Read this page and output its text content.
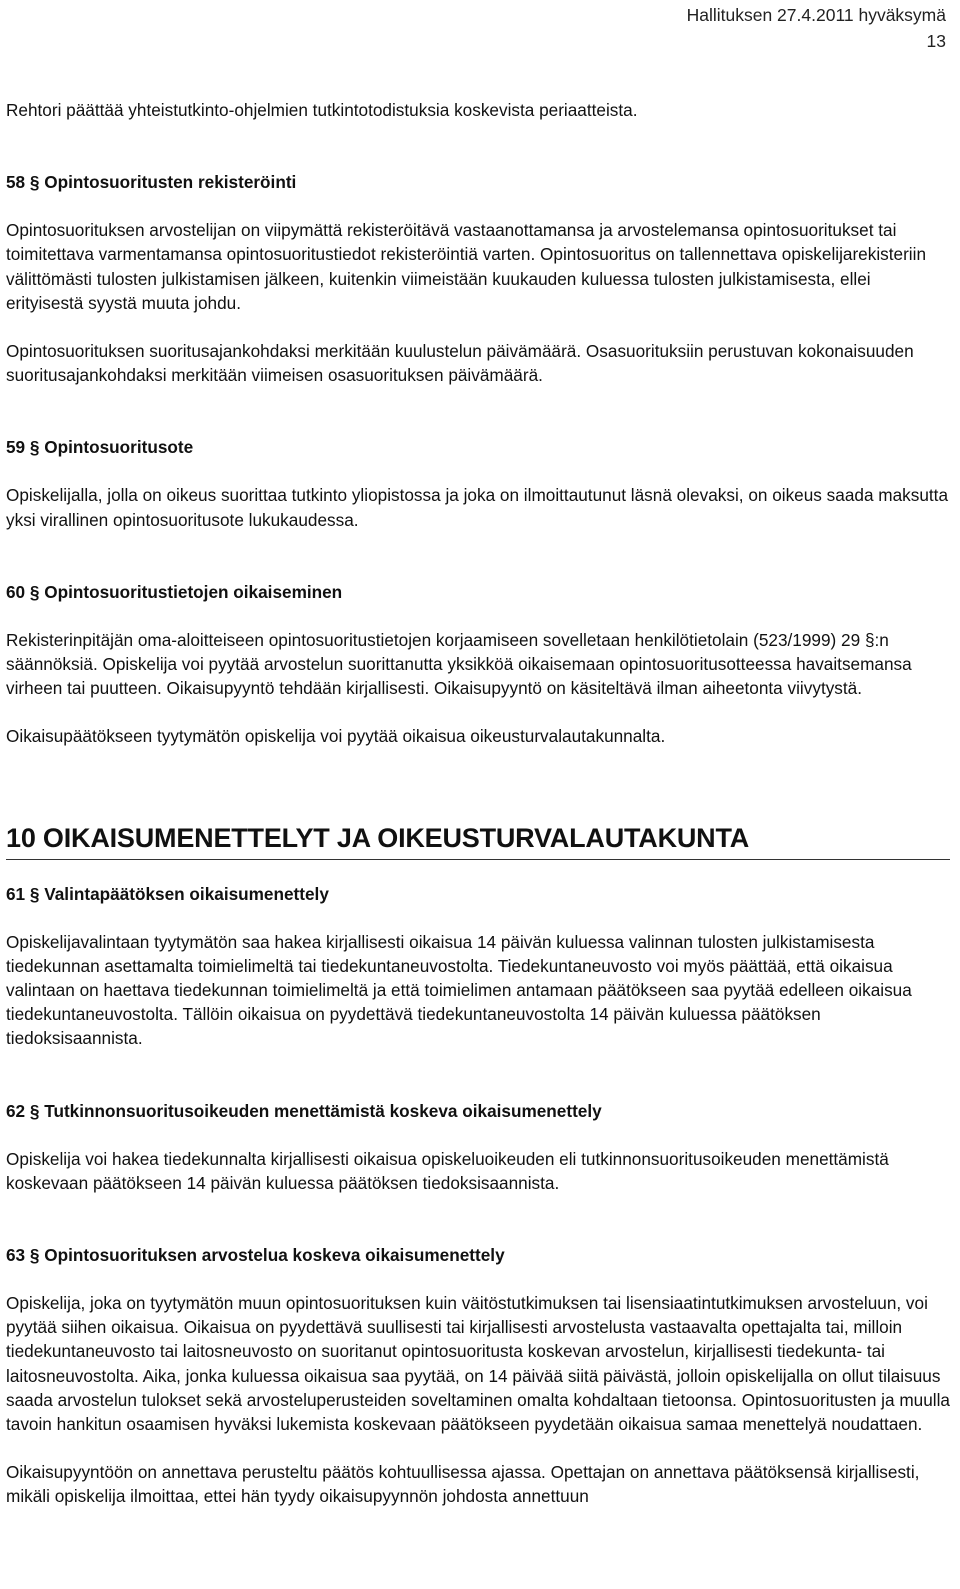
Hallituksen 27.4.2011 hyväksymä
13

Rehtori päättää yhteistutkinto-ohjelmien tutkintotodistuksia koskevista periaatteista.

58 § Opintosuoritusten rekisteröinti

Opintosuorituksen arvostelijan on viipymättä rekisteröitävä vastaanottamansa ja arvostelemansa opintosuoritukset tai toimitettava varmentamansa opintosuoritustiedot rekisteröintiä varten. Opintosuoritus on tallennettava opiskelijarekisteriin välittömästi tulosten julkistamisen jälkeen, kuitenkin viimeistään kuukauden kuluessa tulosten julkistamisesta, ellei erityisestä syystä muuta johdu.

Opintosuorituksen suoritusajankohdaksi merkitään kuulustelun päivämäärä. Osasuorituksiin perustuvan kokonaisuuden suoritusajankohdaksi merkitään viimeisen osasuorituksen päivämäärä.

59 § Opintosuoritusote

Opiskelijalla, jolla on oikeus suorittaa tutkinto yliopistossa ja joka on ilmoittautunut läsnä olevaksi, on oikeus saada maksutta yksi virallinen opintosuoritusote lukukaudessa.

60 § Opintosuoritustietojen oikaiseminen

Rekisterinpitäjän oma-aloitteiseen opintosuoritustietojen korjaamiseen sovelletaan henkilötietolain (523/1999) 29 §:n säännöksiä. Opiskelija voi pyytää arvostelun suorittanutta yksikköä oikaisemaan opintosuoritusotteessa havaitsemansa virheen tai puutteen. Oikaisupyyntö tehdään kirjallisesti. Oikaisupyyntö on käsiteltävä ilman aiheetonta viivytystä.

Oikaisupäätökseen tyytymätön opiskelija voi pyytää oikaisua oikeusturvalautakunnalta.

10 OIKAISUMENETTELYT JA OIKEUSTURVALAUTAKUNTA
61 § Valintapäätöksen oikaisumenettely

Opiskelijavalintaan tyytymätön saa hakea kirjallisesti oikaisua 14 päivän kuluessa valinnan tulosten julkistamisesta tiedekunnan asettamalta toimielimeltä tai tiedekuntaneuvostolta. Tiedekuntaneuvosto voi myös päättää, että oikaisua valintaan on haettava tiedekunnan toimielimeltä ja että toimielimen antamaan päätökseen saa pyytää edelleen oikaisua tiedekuntaneuvostolta. Tällöin oikaisua on pyydettävä tiedekuntaneuvostolta 14 päivän kuluessa päätöksen tiedoksisaannista.

62 § Tutkinnonsuoritusoikeuden menettämistä koskeva oikaisumenettely

Opiskelija voi hakea tiedekunnalta kirjallisesti oikaisua opiskeluoikeuden eli tutkinnonsuoritusoikeuden menettämistä koskevaan päätökseen 14 päivän kuluessa päätöksen tiedoksisaannista.

63 § Opintosuorituksen arvostelua koskeva oikaisumenettely

Opiskelija, joka on tyytymätön muun opintosuorituksen kuin väitöstutkimuksen tai lisensiaatintutkimuksen arvosteluun, voi pyytää siihen oikaisua. Oikaisua on pyydettävä suullisesti tai kirjallisesti arvostelusta vastaavalta opettajalta tai, milloin tiedekuntaneuvosto tai laitosneuvosto on suoritanut opintosuoritusta koskevan arvostelun, kirjallisesti tiedekunta- tai laitosneuvostolta. Aika, jonka kuluessa oikaisua saa pyytää, on 14 päivää siitä päivästä, jolloin opiskelijalla on ollut tilaisuus saada arvostelun tulokset sekä arvosteluperusteiden soveltaminen omalta kohdaltaan tietoonsa. Opintosuoritusten ja muulla tavoin hankitun osaamisen hyväksi lukemista koskevaan päätökseen pyydetään oikaisua samaa menettelyä noudattaen.

Oikaisupyyntöön on annettava perusteltu päätös kohtuullisessa ajassa. Opettajan on annettava päätöksensä kirjallisesti, mikäli opiskelija ilmoittaa, ettei hän tyydy oikaisupyynnön johdosta annettuun
